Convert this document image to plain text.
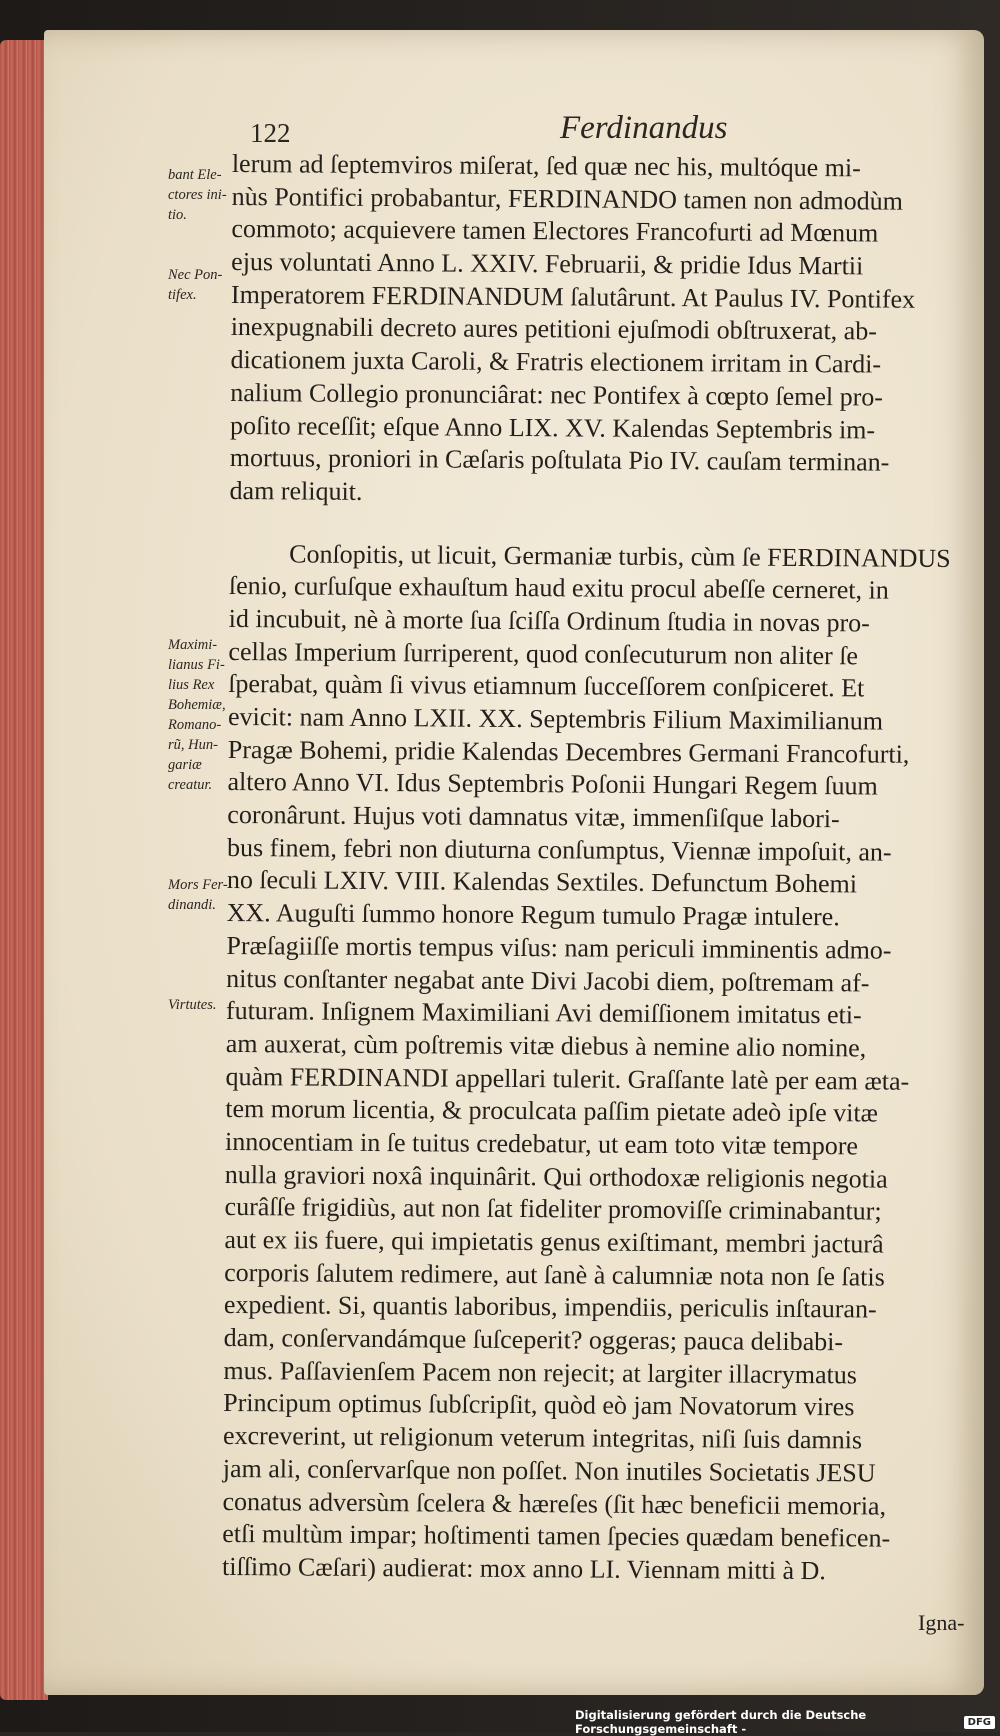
122	Ferdinandus
bant Ele-
ctores ini-
tio.
Nec Pon-
tifex.
Maximi-
lianus Fi-
lius Rex
Bohemiæ,
Romano-
rũ, Hun-
gariæ
creatur.
Mors Fer-
dinandi.
Virtutes.
lerum ad ſeptemviros miſerat, ſed quæ nec his, multóque mi-
nùs Pontifici probabantur, FERDINANDO tamen non admodùm
commoto; acquievere tamen Electores Francofurti ad Mœnum
ejus voluntati Anno L. XXIV. Februarii, & pridie Idus Martii
Imperatorem FERDINANDUM ſalutârunt. At Paulus IV. Pontifex
inexpugnabili decreto aures petitioni ejuſmodi obſtruxerat, ab-
dicationem juxta Caroli, & Fratris electionem irritam in Cardi-
nalium Collegio pronunciârat: nec Pontifex à cœpto ſemel pro-
poſito receſſit; eſque Anno LIX. XV. Kalendas Septembris im-
mortuus, proniori in Cæſaris poſtulata Pio IV. cauſam terminan-
dam reliquit.
Conſopitis, ut licuit, Germaniæ turbis, cùm ſe FERDINANDUS
ſenio, curſuſque exhauſtum haud exitu procul abeſſe cerneret, in
id incubuit, nè à morte ſua ſciſſa Ordinum ſtudia in novas pro-
cellas Imperium ſurriperent, quod conſecuturum non aliter ſe
ſperabat, quàm ſi vivus etiamnum ſucceſſorem conſpiceret. Et
evicit: nam Anno LXII. XX. Septembris Filium Maximilianum
Pragæ Bohemi, pridie Kalendas Decembres Germani Francofurti,
altero Anno VI. Idus Septembris Poſonii Hungari Regem ſuum
coronârunt. Hujus voti damnatus vitæ, immenſiſque labori-
bus finem, febri non diuturna conſumptus, Viennæ impoſuit, an-
no ſeculi LXIV. VIII. Kalendas Sextiles. Defunctum Bohemi
XX. Auguſti ſummo honore Regum tumulo Pragæ intulere.
Præſagiiſſe mortis tempus viſus: nam periculi imminentis admo-
nitus conſtanter negabat ante Divi Jacobi diem, poſtremam af-
futuram. Inſignem Maximiliani Avi demiſſionem imitatus eti-
am auxerat, cùm poſtremis vitæ diebus à nemine alio nomine,
quàm FERDINANDI appellari tulerit. Graſſante latè per eam æta-
tem morum licentia, & proculcata paſſim pietate adeò ipſe vitæ
innocentiam in ſe tuitus credebatur, ut eam toto vitæ tempore
nulla graviori noxâ inquinârit. Qui orthodoxæ religionis negotia
curâſſe frigidiùs, aut non ſat fideliter promoviſſe criminabantur;
aut ex iis fuere, qui impietatis genus exiſtimant, membri jacturâ
corporis ſalutem redimere, aut ſanè à calumniæ nota non ſe ſatis
expedient. Si, quantis laboribus, impendiis, periculis inſtauran-
dam, conſervandámque ſuſceperit? oggeras; pauca delibabi-
mus. Paſſavienſem Pacem non rejecit; at largiter illacrymatus
Principum optimus ſubſcripſit, quòd eò jam Novatorum vires
excreverint, ut religionum veterum integritas, niſi ſuis damnis
jam ali, conſervarſque non poſſet. Non inutiles Societatis JESU
conatus adversùm ſcelera & hæreſes (ſit hæc beneficii memoria,
etſi multùm impar; hoſtimenti tamen ſpecies quædam beneficen-
tiſſimo Cæſari) audierat: mox anno LI. Viennam mitti à D.
Igna-
Digitalisierung gefördert durch die Deutsche Forschungsgemeinschaft -	DFG
